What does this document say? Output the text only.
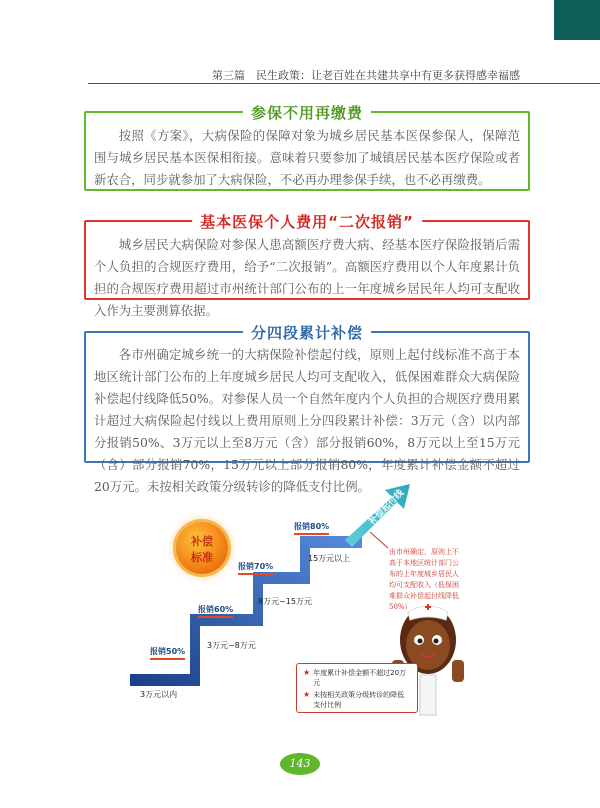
第三篇　民生政策：让老百姓在共建共享中有更多获得感幸福感
参保不用再缴费
按照《方案》，大病保险的保障对象为城乡居民基本医保参保人，保障范围与城乡居民基本医保相衔接。意味着只要参加了城镇居民基本医疗保险或者新农合，同步就参加了大病保险，不必再办理参保手续，也不必再缴费。
基本医保个人费用“二次报销”
城乡居民大病保险对参保人患高额医疗费大病、经基本医疗保险报销后需个人负担的合规医疗费用，给予“二次报销”。高额医疗费用以个人年度累计负担的合规医疗费用超过市州统计部门公布的上一年度城乡居民年人均可支配收入作为主要测算依据。
分四段累计补偿
各市州确定城乡统一的大病保险补偿起付线，原则上起付线标准不高于本地区统计部门公布的上年度城乡居民人均可支配收入，低保困难群众大病保险补偿起付线降低50%。对参保人员一个自然年度内个人负担的合规医疗费用累计超过大病保险起付线以上费用原则上分四段累计补偿：3万元（含）以内部分报销50%、3万元以上至8万元（含）部分报销60%，8万元以上至15万元（含）部分报销70%，15万元以上部分报销80%，年度累计补偿金额不超过20万元。未按相关政策分级转诊的降低支付比例。
补偿起付线
补偿
标准
报销50%
报销60%
报销70%
报销80%
3万元以内
3万元~8万元
8万元~15万元
15万元以上
由市州确定，原则上不高于本地区统计部门公布的上年度城乡居民人均可支配收入（低保困难群众补偿起付线降低50%）
★ 年度累计补偿金额不超过20万元
★ 未按相关政策分级转诊的降低支付比例
143
